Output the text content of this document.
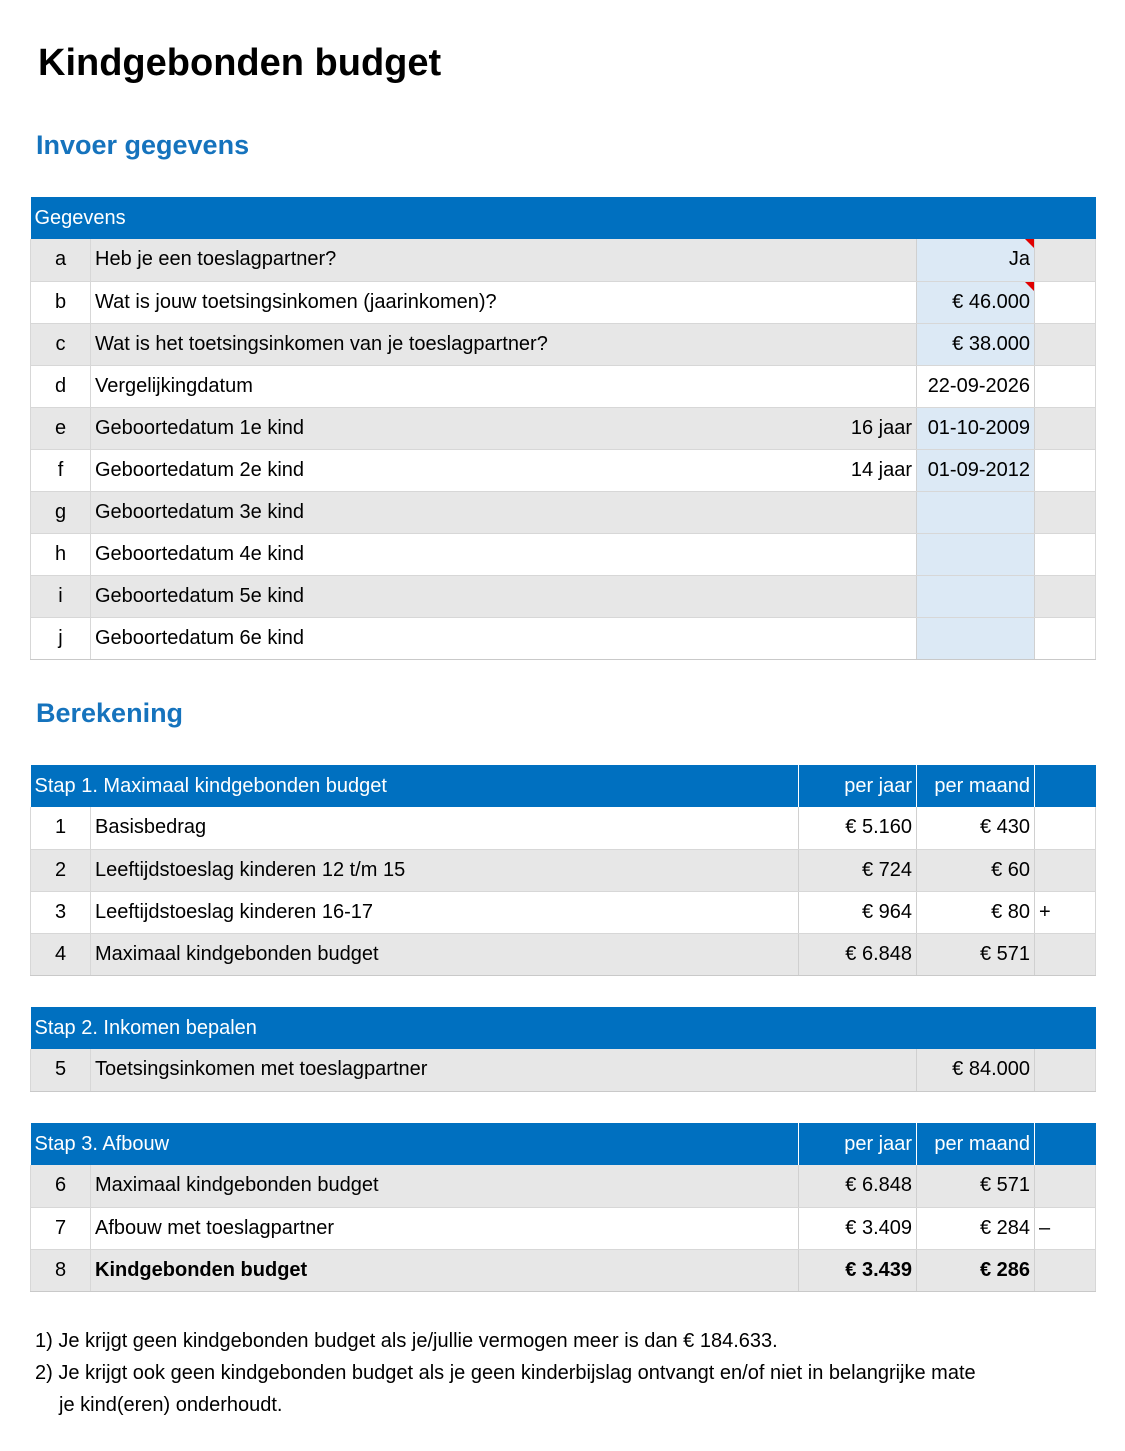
Kindgebonden budget
Invoer gegevens
Gegevens				
a	Heb je een toeslagpartner?		Ja	
b	Wat is jouw toetsingsinkomen (jaarinkomen)?		€ 46.000	
c	Wat is het toetsingsinkomen van je toeslagpartner?		€ 38.000	
d	Vergelijkingdatum		22-09-2026	
e	Geboortedatum 1e kind	16 jaar	01-10-2009	
f	Geboortedatum 2e kind	14 jaar	01-09-2012	
g	Geboortedatum 3e kind			
h	Geboortedatum 4e kind			
i	Geboortedatum 5e kind			
j	Geboortedatum 6e kind			
Berekening
Stap 1. Maximaal kindgebonden budget		per jaar	per maand	
1	Basisbedrag	€ 5.160	€ 430	
2	Leeftijdstoeslag kinderen 12 t/m 15	€ 724	€ 60	
3	Leeftijdstoeslag kinderen 16-17	€ 964	€ 80	+
4	Maximaal kindgebonden budget	€ 6.848	€ 571	
Stap 2. Inkomen bepalen
5	Toetsingsinkomen met toeslagpartner	€ 84.000	
Stap 3. Afbouw		per jaar	per maand	
6	Maximaal kindgebonden budget	€ 6.848	€ 571	
7	Afbouw met toeslagpartner	€ 3.409	€ 284	–
8	Kindgebonden budget	€ 3.439	€ 286	
1) Je krijgt geen kindgebonden budget als je/jullie vermogen meer is dan € 184.633.
2) Je krijgt ook geen kindgebonden budget als je geen kinderbijslag ontvangt en/of niet in belangrijke mate
je kind(eren) onderhoudt.
